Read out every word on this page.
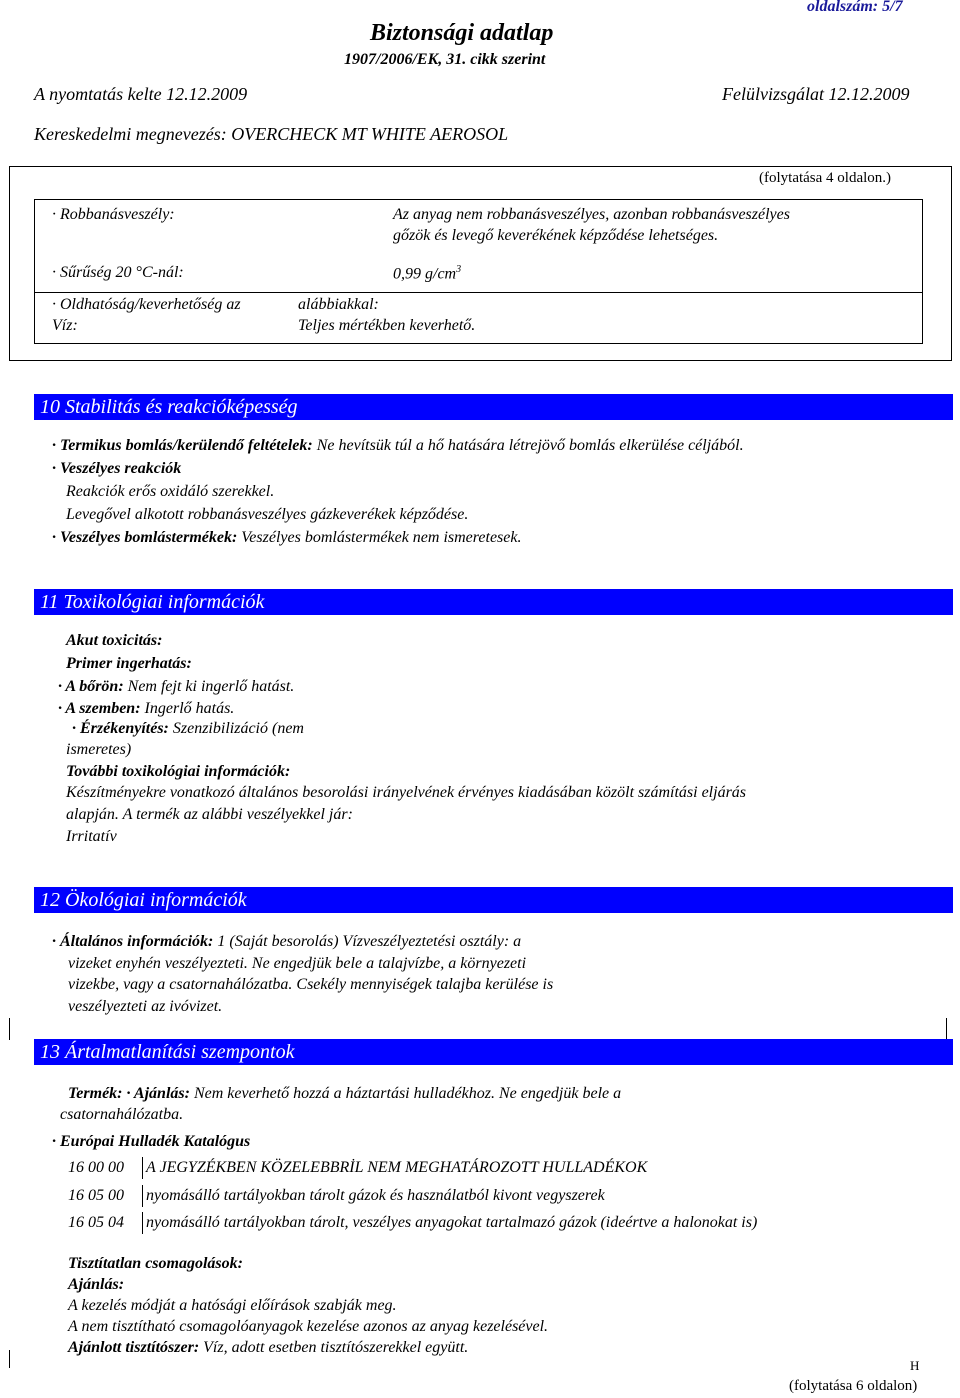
oldalszám: 5/7
Biztonsági adatlap
1907/2006/EK, 31. cikk szerint
A nyomtatás kelte 12.12.2009	Felülvizsgálat 12.12.2009
Kereskedelmi megnevezés: OVERCHECK MT WHITE AEROSOL
(folytatása 4 oldalon.)
· Robbanásveszély:	Az anyag nem robbanásveszélyes, azonban robbanásveszélyes
gőzök és levegő keverékének képződése lehetséges.
· Sűrűség 20 °C-nál:	0,99 $g/cm^3$
· Oldhatóság/keverhetőség az	alábbiakkal:
Víz:	Teljes mértékben keverhető.
10 Stabilitás és reakcióképesség
· Termikus bomlás/kerülendő feltételek: Ne hevítsük túl a hő hatására létrejövő bomlás elkerülése céljából.
· Veszélyes reakciók
Reakciók erős oxidáló szerekkel.
Levegővel alkotott robbanásveszélyes gázkeverékek képződése.
· Veszélyes bomlástermékek: Veszélyes bomlástermékek nem ismeretesek.
11 Toxikológiai információk
Akut toxicitás:
Primer ingerhatás:
· A bőrön: Nem fejt ki ingerlő hatást.
· A szemben: Ingerlő hatás.
· Érzékenyítés: Szenzibilizáció (nem
ismeretes)
További toxikológiai információk:
Készítményekre vonatkozó általános besorolási irányelvének érvényes kiadásában közölt számítási eljárás
alapján. A termék az alábbi veszélyekkel jár:
Irritatív
12 Ökológiai információk
· Általános információk: 1 (Saját besorolás) Vízveszélyeztetési osztály: a
vizeket enyhén veszélyezteti. Ne engedjük bele a talajvízbe, a környezeti
vizekbe, vagy a csatornahálózatba. Csekély mennyiségek talajba kerülése is
veszélyezteti az ivóvizet.
13 Ártalmatlanítási szempontok
Termék: · Ajánlás: Nem keverhető hozzá a háztartási hulladékhoz. Ne engedjük bele a
csatornahálózatba.
· Európai Hulladék Katalógus
16 00 00 A JEGYZÉKBEN KÖZELEBBRİL NEM MEGHATÁROZOTT HULLADÉKOK
16 05 00 nyomásálló tartályokban tárolt gázok és használatból kivont vegyszerek
16 05 04 nyomásálló tartályokban tárolt, veszélyes anyagokat tartalmazó gázok (ideértve a halonokat is)
Tisztítatlan csomagolások:
Ajánlás:
A kezelés módját a hatósági előírások szabják meg.
A nem tisztítható csomagolóanyagok kezelése azonos az anyag kezelésével.
Ajánlott tisztítószer: Víz, adott esetben tisztítószerekkel együtt.
H
(folytatása 6 oldalon)
